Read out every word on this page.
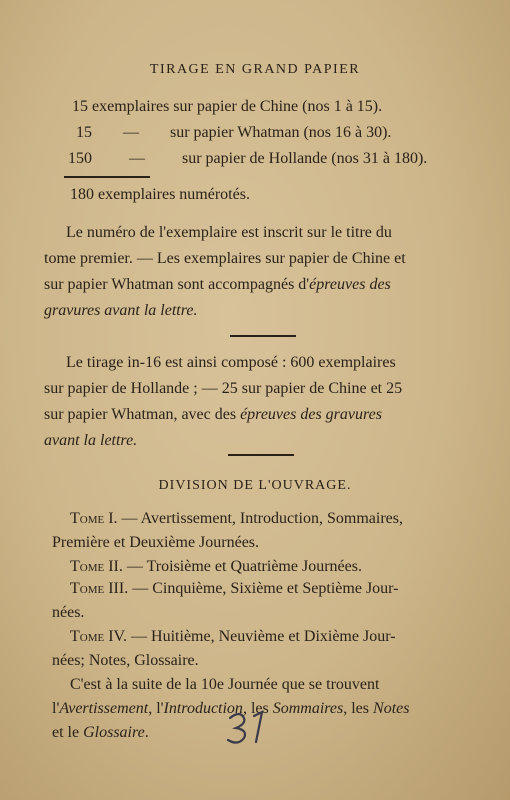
TIRAGE EN GRAND PAPIER
15 exemplaires sur papier de Chine (nos 1 à 15).
15 — sur papier Whatman (nos 16 à 30).
150 — sur papier de Hollande (nos 31 à 180).
180 exemplaires numérotés.
Le numéro de l'exemplaire est inscrit sur le titre du
tome premier. — Les exemplaires sur papier de Chine et
sur papier Whatman sont accompagnés d'épreuves des
gravures avant la lettre.
Le tirage in-16 est ainsi composé : 600 exemplaires
sur papier de Hollande ; — 25 sur papier de Chine et 25
sur papier Whatman, avec des épreuves des gravures
avant la lettre.
DIVISION DE L'OUVRAGE.
Tome I. — Avertissement, Introduction, Sommaires,
Première et Deuxième Journées.
Tome II. — Troisième et Quatrième Journées.
Tome III. — Cinquième, Sixième et Septième Jour-
nées.
Tome IV. — Huitième, Neuvième et Dixième Jour-
nées; Notes, Glossaire.
C'est à la suite de la 10e Journée que se trouvent
l'Avertissement, l'Introduction, les Sommaires, les Notes
et le Glossaire.
